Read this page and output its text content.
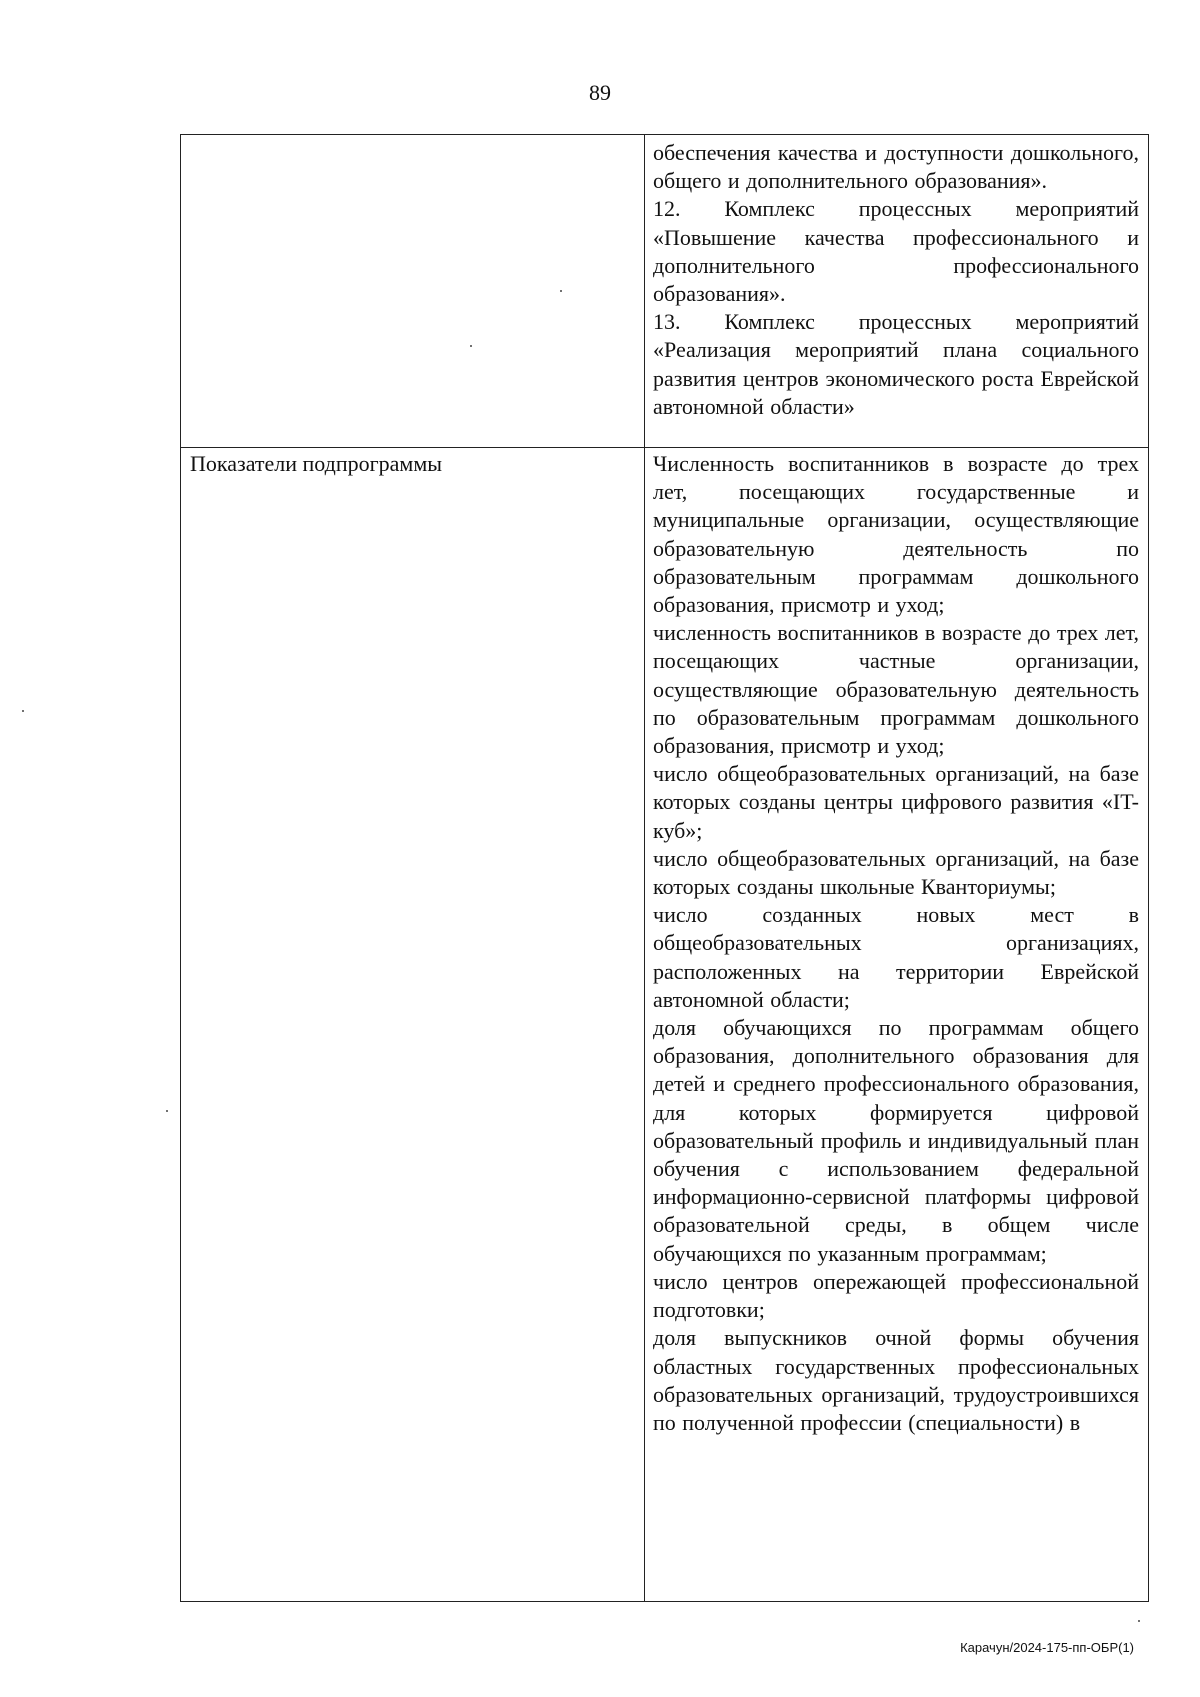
89

обеспечения качества и доступности дошкольного, общего и дополнительного образования».

12. Комплекс процессных мероприятий «Повышение качества профессионального и дополнительного профессионального образования».

13. Комплекс процессных мероприятий «Реализация мероприятий плана социального развития центров экономического роста Еврейской автономной области»

Показатели подпрограммы	Численность воспитанников в возрасте до трех лет, посещающих государственные и муниципальные организации, осуществляющие образовательную деятельность по образовательным программам дошкольного образования, присмотр и уход;

численность воспитанников в возрасте до трех лет, посещающих частные организации, осуществляющие образовательную деятельность по образовательным программам дошкольного образования, присмотр и уход;

число общеобразовательных организаций, на базе которых созданы центры цифрового развития «IT-куб»;

число общеобразовательных организаций, на базе которых созданы школьные Кванториумы;

число созданных новых мест в общеобразовательных организациях, расположенных на территории Еврейской автономной области;

доля обучающихся по программам общего образования, дополнительного образования для детей и среднего профессионального образования, для которых формируется цифровой образовательный профиль и индивидуальный план обучения с использованием федеральной информационно-сервисной платформы цифровой образовательной среды, в общем числе обучающихся по указанным программам;

число центров опережающей профессиональной подготовки;

доля выпускников очной формы обучения областных государственных профессиональных образовательных организаций, трудоустроившихся по полученной профессии (специальности) в

Карачун/2024-175-пп-ОБР(1)
